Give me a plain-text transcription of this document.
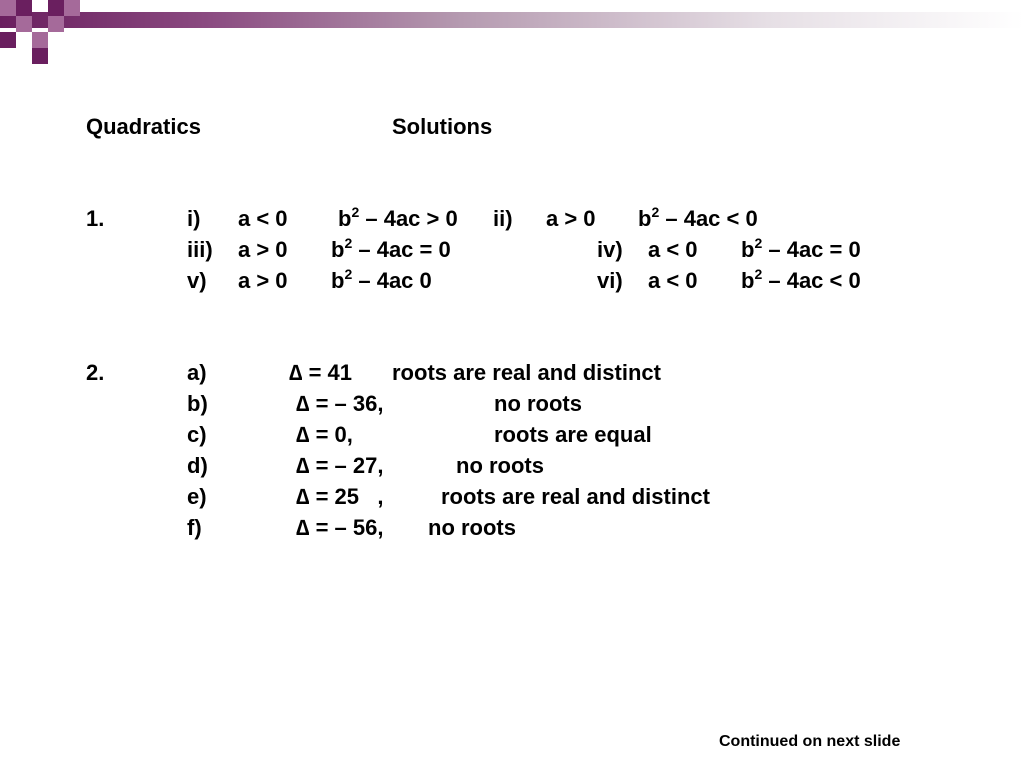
Quadratics	Solutions
1.	i) a < 0 $b^2 - 4ac > 0$ ii) a > 0 $b^2 - 4ac < 0$
iii) a > 0 $b^2 - 4ac = 0$	iv) a < 0 $b^2 - 4ac = 0$
v) a > 0 $b^2 - 4ac$ 0	vi) a < 0 $b^2 - 4ac < 0$
2.	a)	∆ = 41 roots are real and distinct
b)	∆ = – 36,	no roots
c)	∆ = 0,	roots are equal
d)	∆ = – 27,	no roots
e)	∆ = 25   ,	roots are real and distinct
f)	∆ = – 56, no roots
Continued on next slide
